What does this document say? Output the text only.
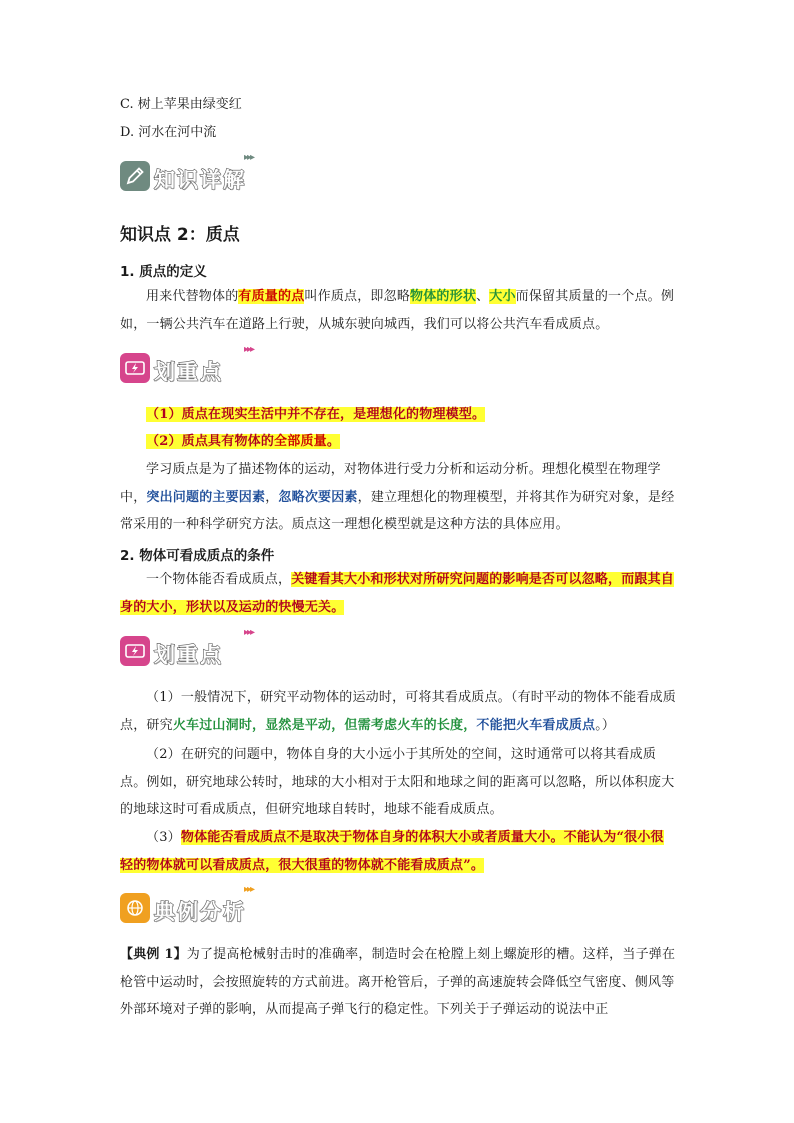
C. 树上苹果由绿变红
D. 河水在河中流
知识详解
▸▸▸
知识点 2：质点
1. 质点的定义
用来代替物体的有质量的点叫作质点，即忽略物体的形状、大小而保留其质量的一个点。例如，一辆公共汽车在道路上行驶，从城东驶向城西，我们可以将公共汽车看成质点。
划重点
▸▸▸
（1）质点在现实生活中并不存在，是理想化的物理模型。
（2）质点具有物体的全部质量。
学习质点是为了描述物体的运动，对物体进行受力分析和运动分析。理想化模型在物理学中，突出问题的主要因素，忽略次要因素，建立理想化的物理模型，并将其作为研究对象，是经常采用的一种科学研究方法。质点这一理想化模型就是这种方法的具体应用。
2. 物体可看成质点的条件
一个物体能否看成质点，关键看其大小和形状对所研究问题的影响是否可以忽略，而跟其自身的大小，形状以及运动的快慢无关。
划重点
▸▸▸
（1）一般情况下，研究平动物体的运动时，可将其看成质点。（有时平动的物体不能看成质点，研究火车过山洞时，显然是平动，但需考虑火车的长度，不能把火车看成质点。）
（2）在研究的问题中，物体自身的大小远小于其所处的空间，这时通常可以将其看成质点。例如，研究地球公转时，地球的大小相对于太阳和地球之间的距离可以忽略，所以体积庞大的地球这时可看成质点，但研究地球自转时，地球不能看成质点。
（3）物体能否看成质点不是取决于物体自身的体积大小或者质量大小。不能认为“很小很轻的物体就可以看成质点，很大很重的物体就不能看成质点”。
典例分析
▸▸▸
【典例 1】为了提高枪械射击时的准确率，制造时会在枪膛上刻上螺旋形的槽。这样，当子弹在枪管中运动时，会按照旋转的方式前进。离开枪管后，子弹的高速旋转会降低空气密度、侧风等外部环境对子弹的影响，从而提高子弹飞行的稳定性。下列关于子弹运动的说法中正
